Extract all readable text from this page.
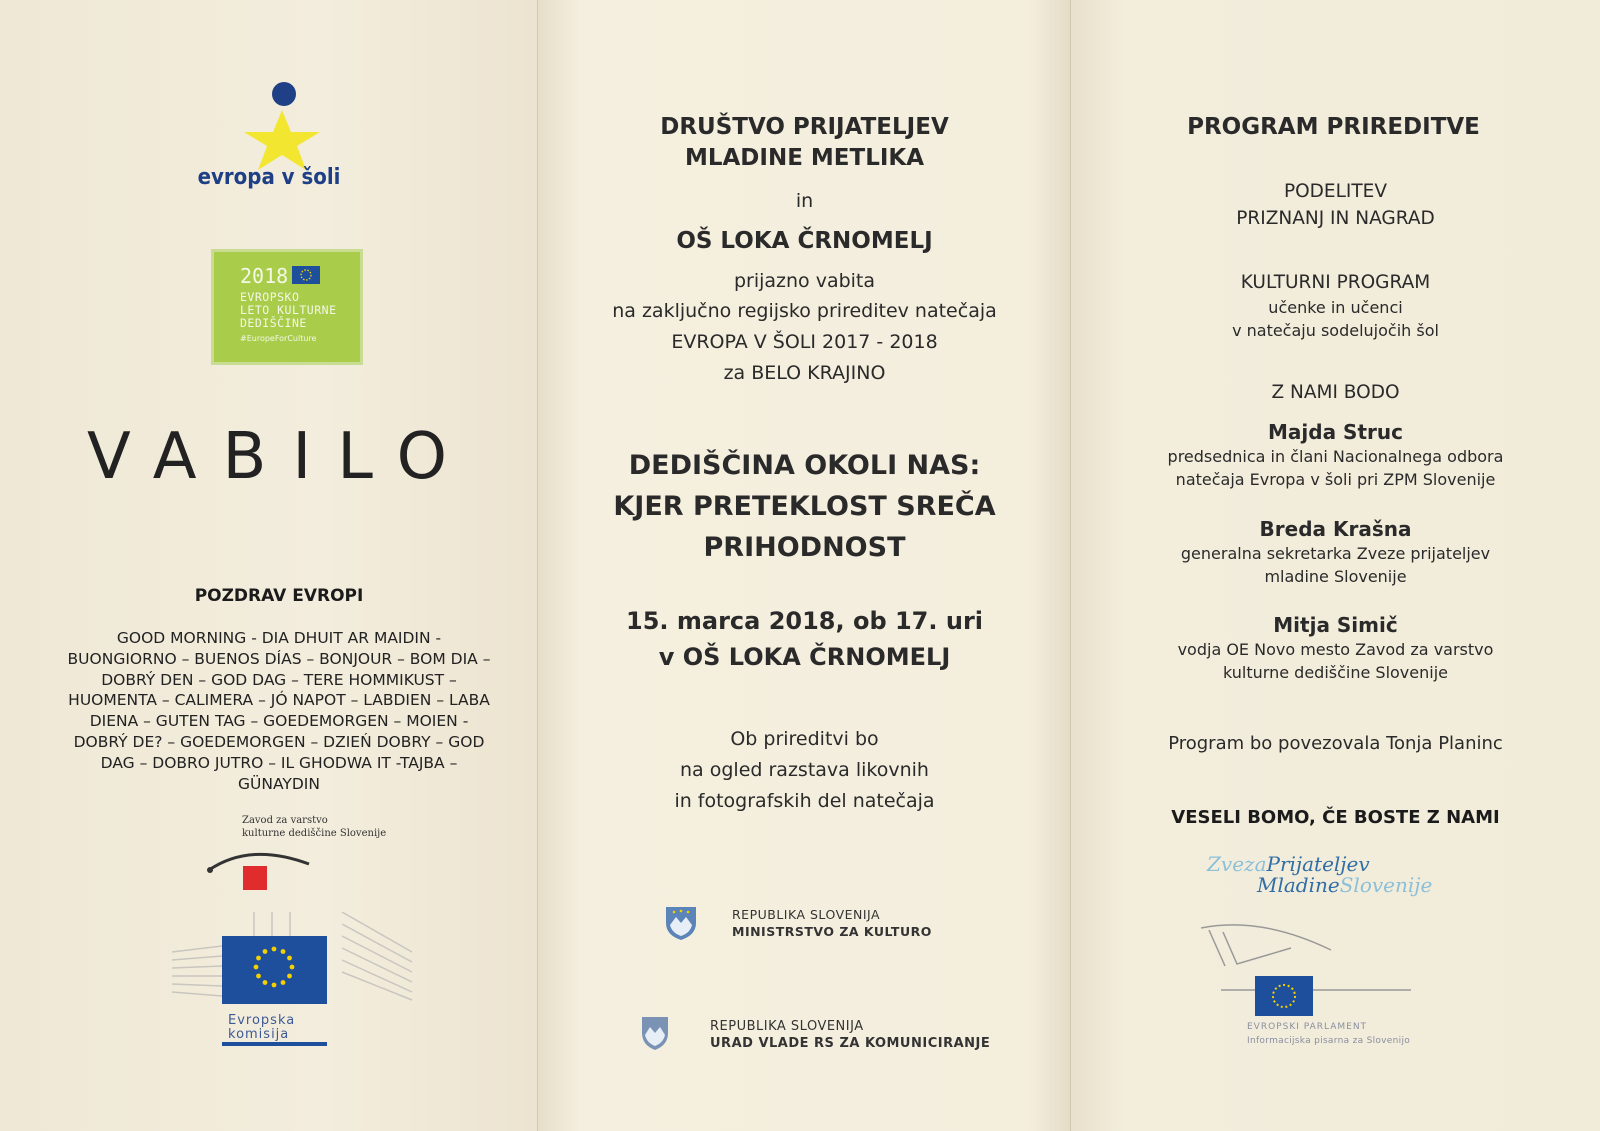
evropa v šoli
2018
EVROPSKO
LETO KULTURNE
DEDIŠČINE
#EuropeForCulture
VABILO
POZDRAV EVROPI
GOOD MORNING - DIA DHUIT AR MAIDIN -
BUONGIORNO – BUENOS DÍAS – BONJOUR – BOM DIA –
DOBRÝ DEN – GOD DAG – TERE HOMMIKUST –
HUOMENTA – CALIMERA – JÓ NAPOT – LABDIEN – LABA
DIENA – GUTEN TAG – GOEDEMORGEN – MOIEN -
DOBRÝ DE? – GOEDEMORGEN – DZIEŃ DOBRY – GOD
DAG – DOBRO JUTRO – IL GHODWA IT -TAJBA –
GÜNAYDIN
Zavod za varstvo
kulturne dediščine Slovenije
Evropska
komisija
DRUŠTVO PRIJATELJEV
MLADINE METLIKA
in
OŠ LOKA ČRNOMELJ
prijazno vabita
na zaključno regijsko prireditev natečaja
EVROPA V ŠOLI 2017 - 2018
za BELO KRAJINO
DEDIŠČINA OKOLI NAS:
KJER PRETEKLOST SREČA
PRIHODNOST
15. marca 2018, ob 17. uri
v OŠ LOKA ČRNOMELJ
Ob prireditvi bo
na ogled razstava likovnih
in fotografskih del natečaja
REPUBLIKA SLOVENIJA
MINISTRSTVO ZA KULTURO
REPUBLIKA SLOVENIJA
URAD VLADE RS ZA KOMUNICIRANJE
PROGRAM PRIREDITVE
PODELITEV
PRIZNANJ IN NAGRAD
KULTURNI PROGRAM
učenke in učenci
v natečaju sodelujočih šol
Z NAMI BODO
Majda Struc
predsednica in člani Nacionalnega odbora
natečaja Evropa v šoli pri ZPM Slovenije
Breda Krašna
generalna sekretarka Zveze prijateljev
mladine Slovenije
Mitja Simič
vodja OE Novo mesto Zavod za varstvo
kulturne dediščine Slovenije
Program bo povezovala Tonja Planinc
VESELI BOMO, ČE BOSTE Z NAMI
ZvezaPrijateljev
MladineSlovenije
EVROPSKI PARLAMENT
Informacijska pisarna za Slovenijo
